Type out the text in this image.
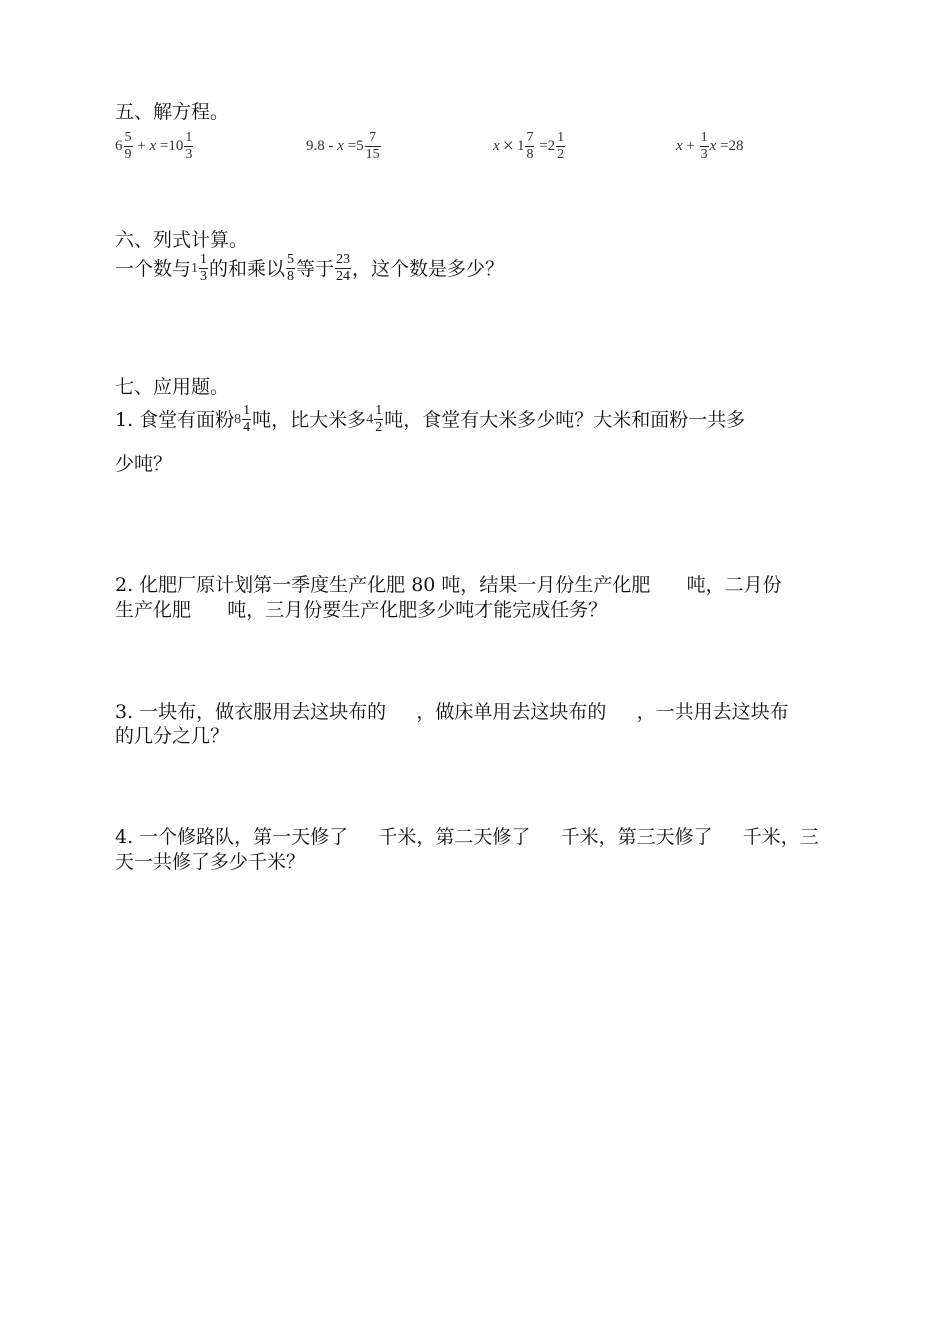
五、解方程。
$6 \frac{5}{9} + x =10 \frac{1}{3}$	$9.8 - x =5 \frac{7}{15}$	$x \times 1 \frac{7}{8} =2 \frac{1}{2}$	$x + \frac{1}{3}$ x =28
六、列式计算。
一个数与 $1 \frac{1}{3}$ 的和乘以 $\frac{5}{8}$ 等于 $\frac{23}{24}$ ，这个数是多少？
七、应用题。
1. 食堂有面粉 $8 \frac{1}{4}$ 吨，比大米多 $4 \frac{1}{2}$ 吨，食堂有大米多少吨？大米和面粉一共多
少吨？
2. 化肥厂原计划第一季度生产化肥 80 吨，结果一月份生产化肥      吨，二月份
生产化肥      吨，三月份要生产化肥多少吨才能完成任务？
3. 一块布，做衣服用去这块布的     ，做床单用去这块布的     ，一共用去这块布
的几分之几？
4. 一个修路队，第一天修了     千米，第二天修了     千米，第三天修了     千米，三
天一共修了多少千米？
